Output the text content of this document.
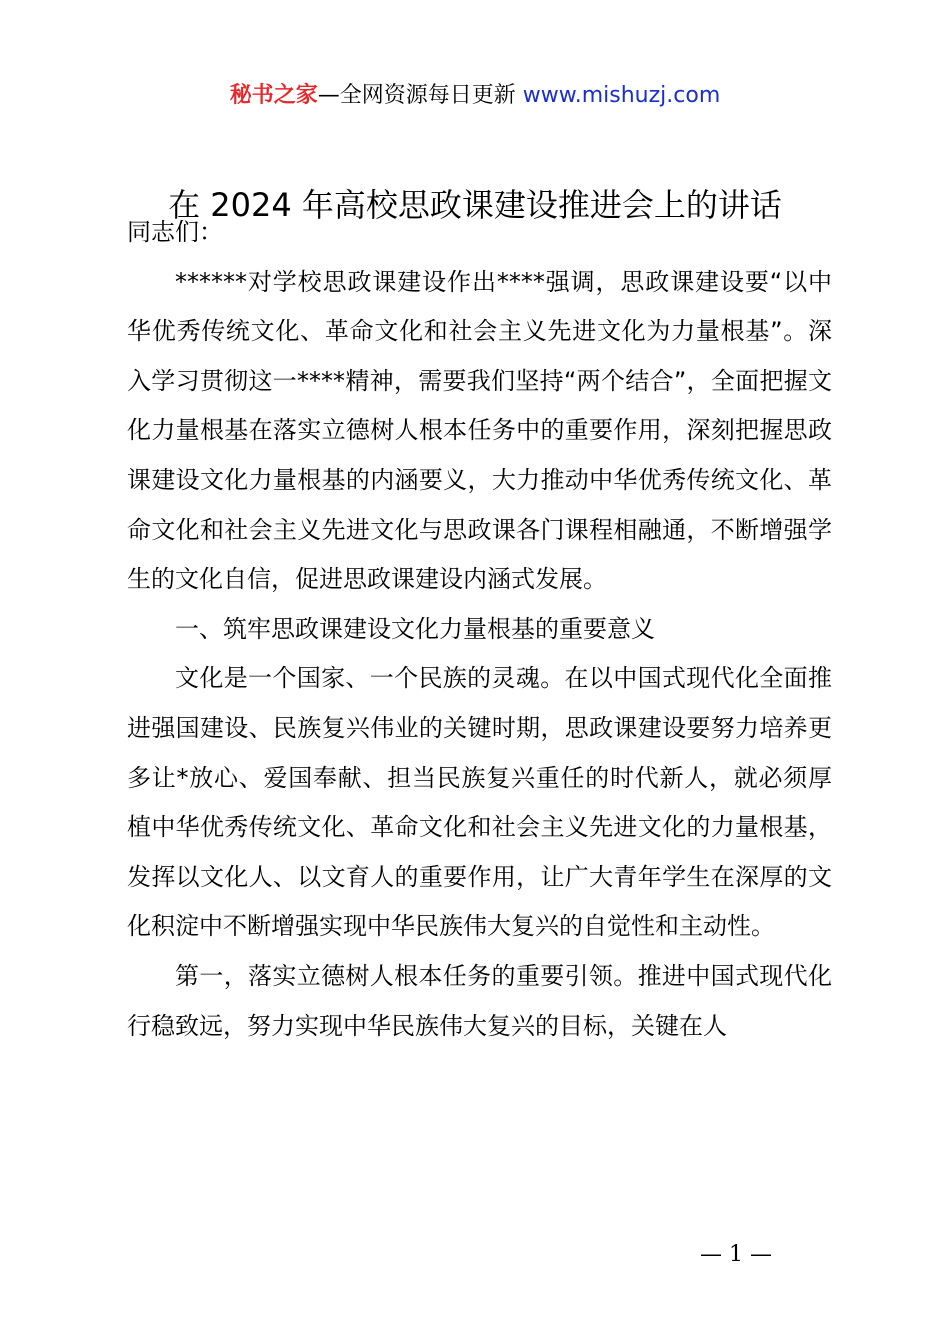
秘书之家—全网资源每日更新 www.mishuzj.com
在 2024 年高校思政课建设推进会上的讲话

同志们：

******对学校思政课建设作出****强调，思政课建设要“以中华优秀传统文化、革命文化和社会主义先进文化为力量根基”。深入学习贯彻这一****精神，需要我们坚持“两个结合”，全面把握文化力量根基在落实立德树人根本任务中的重要作用，深刻把握思政课建设文化力量根基的内涵要义，大力推动中华优秀传统文化、革命文化和社会主义先进文化与思政课各门课程相融通，不断增强学生的文化自信，促进思政课建设内涵式发展。

一、筑牢思政课建设文化力量根基的重要意义

文化是一个国家、一个民族的灵魂。在以中国式现代化全面推进强国建设、民族复兴伟业的关键时期，思政课建设要努力培养更多让*放心、爱国奉献、担当民族复兴重任的时代新人，就必须厚植中华优秀传统文化、革命文化和社会主义先进文化的力量根基，发挥以文化人、以文育人的重要作用，让广大青年学生在深厚的文化积淀中不断增强实现中华民族伟大复兴的自觉性和主动性。

第一，落实立德树人根本任务的重要引领。推进中国式现代化行稳致远，努力实现中华民族伟大复兴的目标，关键在人

— 1 —
